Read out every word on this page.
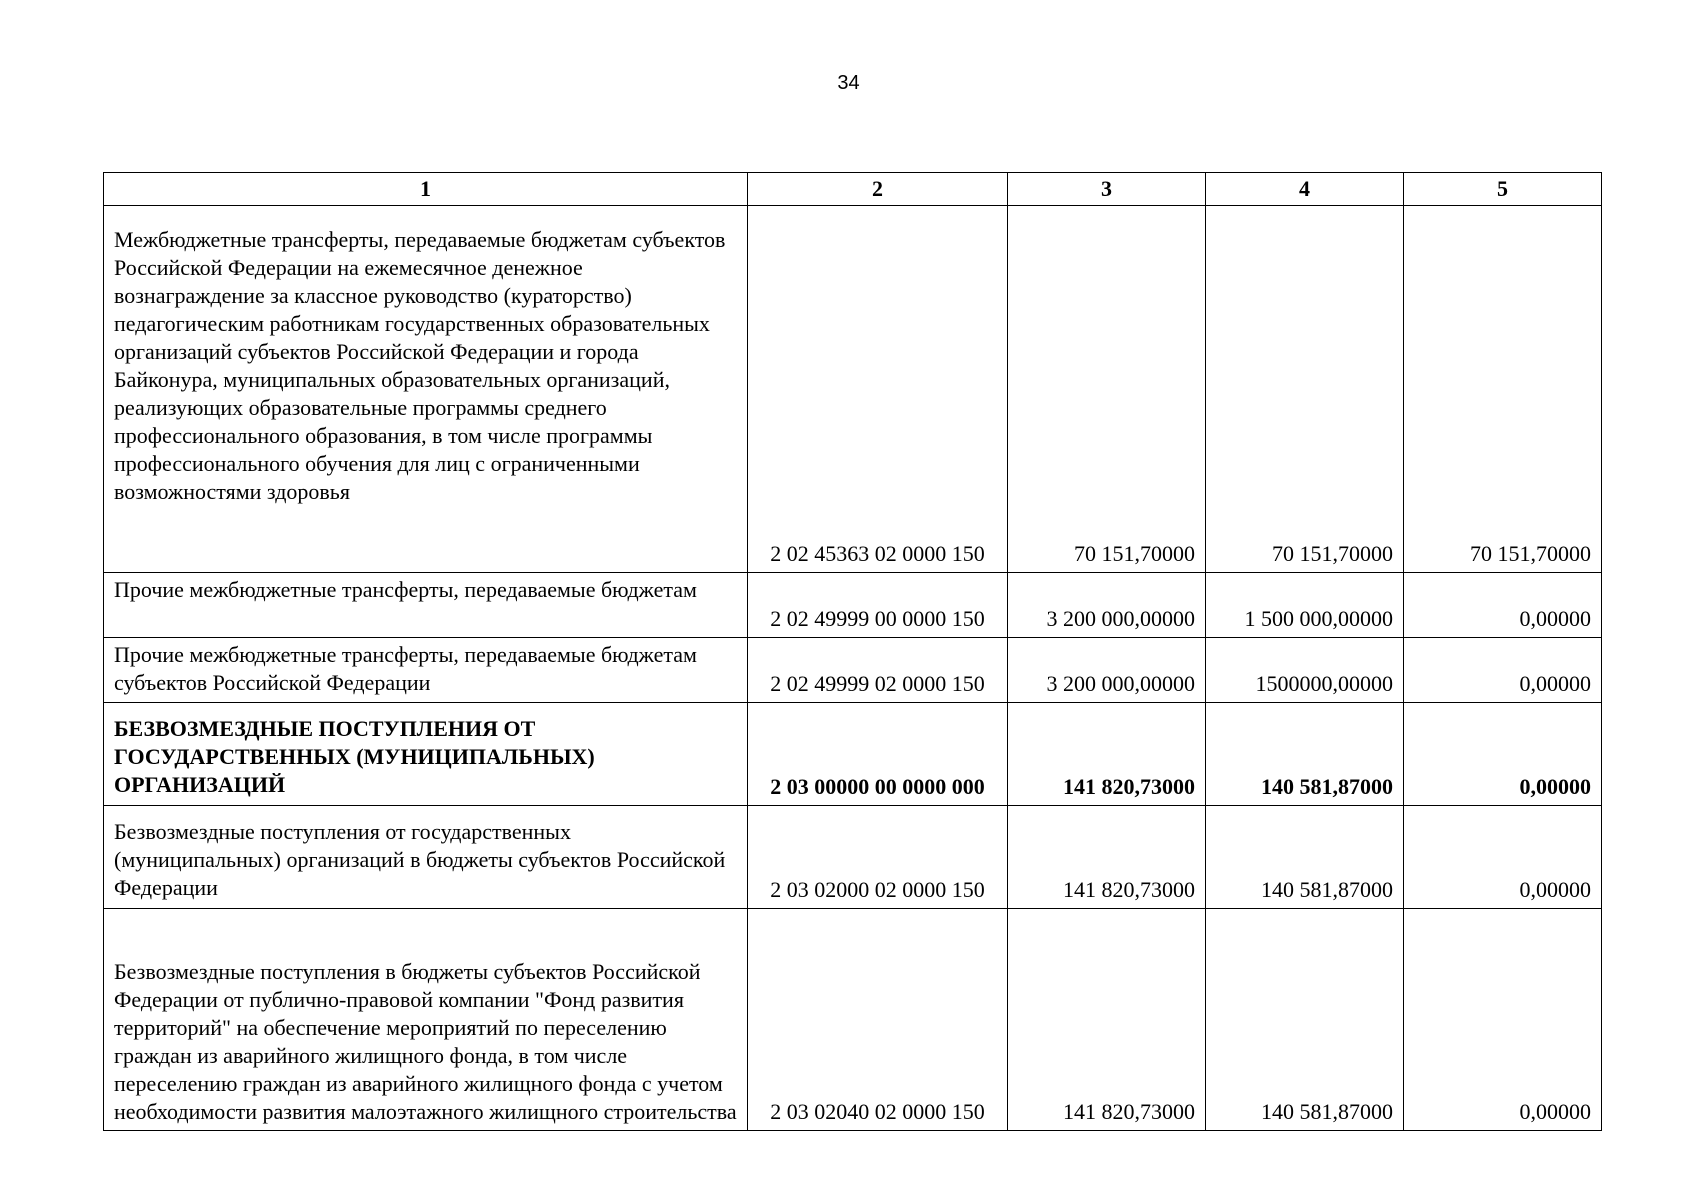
34
1	2	3	4	5
Межбюджетные трансферты, передаваемые бюджетам субъектов Российской Федерации на ежемесячное денежное вознаграждение за классное руководство (кураторство) педагогическим работникам государственных образовательных организаций субъектов Российской Федерации и города Байконура, муниципальных образовательных организаций, реализующих образовательные программы среднего профессионального образования, в том числе программы профессионального обучения для лиц с ограниченными возможностями здоровья	2 02 45363 02 0000 150	70 151,70000	70 151,70000	70 151,70000
Прочие межбюджетные трансферты, передаваемые бюджетам	2 02 49999 00 0000 150	3 200 000,00000	1 500 000,00000	0,00000
Прочие межбюджетные трансферты, передаваемые бюджетам субъектов Российской Федерации	2 02 49999 02 0000 150	3 200 000,00000	1500000,00000	0,00000
БЕЗВОЗМЕЗДНЫЕ ПОСТУПЛЕНИЯ ОТ ГОСУДАРСТВЕННЫХ (МУНИЦИПАЛЬНЫХ) ОРГАНИЗАЦИЙ	2 03 00000 00 0000 000	141 820,73000	140 581,87000	0,00000
Безвозмездные поступления от государственных (муниципальных) организаций в бюджеты субъектов Российской Федерации	2 03 02000 02 0000 150	141 820,73000	140 581,87000	0,00000
Безвозмездные поступления в бюджеты субъектов Российской Федерации от публично-правовой компании "Фонд развития территорий" на обеспечение мероприятий по переселению граждан из аварийного жилищного фонда, в том числе переселению граждан из аварийного жилищного фонда с учетом необходимости развития малоэтажного жилищного строительства	2 03 02040 02 0000 150	141 820,73000	140 581,87000	0,00000
